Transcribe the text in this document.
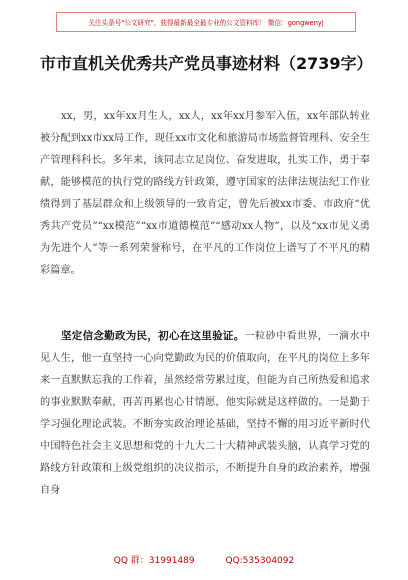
关注头条号"公文研究"，获得最新最全最专业的公文资料库！ 微信：gongwenyj
市市直机关优秀共产党员事迹材料（2739字）

xx，男，xx年xx月生人，xx人，xx年xx月参军入伍，xx年部队转业被分配到xx市xx局工作，现任xx市文化和旅游局市场监督管理科、安全生产管理科科长。多年来，该同志立足岗位、奋发进取，扎实工作，勇于奉献，能够模范的执行党的路线方针政策，遵守国家的法律法规法纪工作业绩得到了基层群众和上级领导的一致肯定，曾先后被xx市委、市政府“优秀共产党员”“xx模范”“xx市道德模范”“感动xx人物”，以及“xx市见义勇为先进个人”等一系列荣誉称号，在平凡的工作岗位上谱写了不平凡的精彩篇章。

坚定信念勤政为民，初心在这里验证。一粒砂中看世界，一滴水中见人生，他一直坚持一心向党勤政为民的价值取向，在平凡的岗位上多年来一直默默忘我的工作着，虽然经常劳累过度，但能为自己所热爱和追求的事业默默奉献，再苦再累也心甘情愿，他实际就是这样做的。一是勤于学习强化理论武装。不断夯实政治理论基础，坚持不懈的用习近平新时代中国特色社会主义思想和党的十九大二十大精神武装头脑，认真学习党的路线方针政策和上级党组织的决议指示，不断提升自身的政治素养，增强自身

QQ 群：31991489	QQ:535304092
